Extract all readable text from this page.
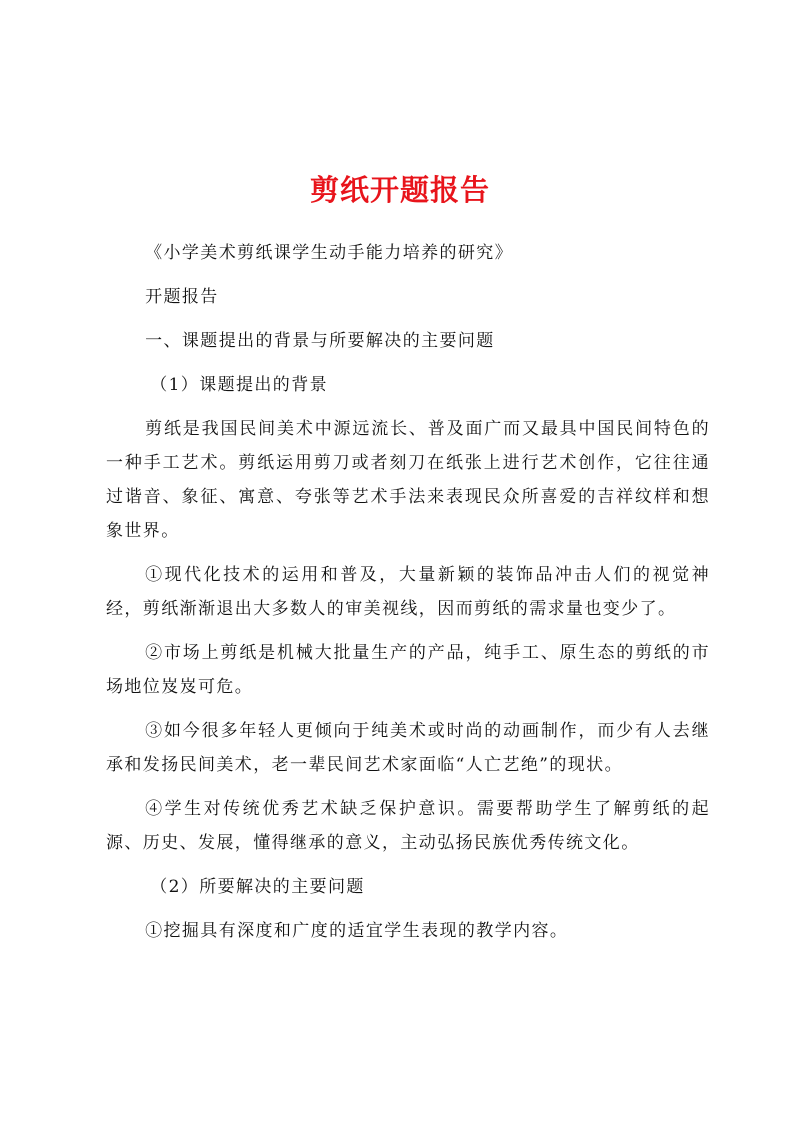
剪纸开题报告

《小学美术剪纸课学生动手能力培养的研究》

开题报告

一、课题提出的背景与所要解决的主要问题

（1）课题提出的背景

剪纸是我国民间美术中源远流长、普及面广而又最具中国民间特色的一种手工艺术。剪纸运用剪刀或者刻刀在纸张上进行艺术创作，它往往通过谐音、象征、寓意、夸张等艺术手法来表现民众所喜爱的吉祥纹样和想象世界。

①现代化技术的运用和普及，大量新颖的装饰品冲击人们的视觉神经，剪纸渐渐退出大多数人的审美视线，因而剪纸的需求量也变少了。

②市场上剪纸是机械大批量生产的产品，纯手工、原生态的剪纸的市场地位岌岌可危。

③如今很多年轻人更倾向于纯美术或时尚的动画制作，而少有人去继承和发扬民间美术，老一辈民间艺术家面临“人亡艺绝”的现状。

④学生对传统优秀艺术缺乏保护意识。需要帮助学生了解剪纸的起源、历史、发展，懂得继承的意义，主动弘扬民族优秀传统文化。

（2）所要解决的主要问题

①挖掘具有深度和广度的适宜学生表现的教学内容。
